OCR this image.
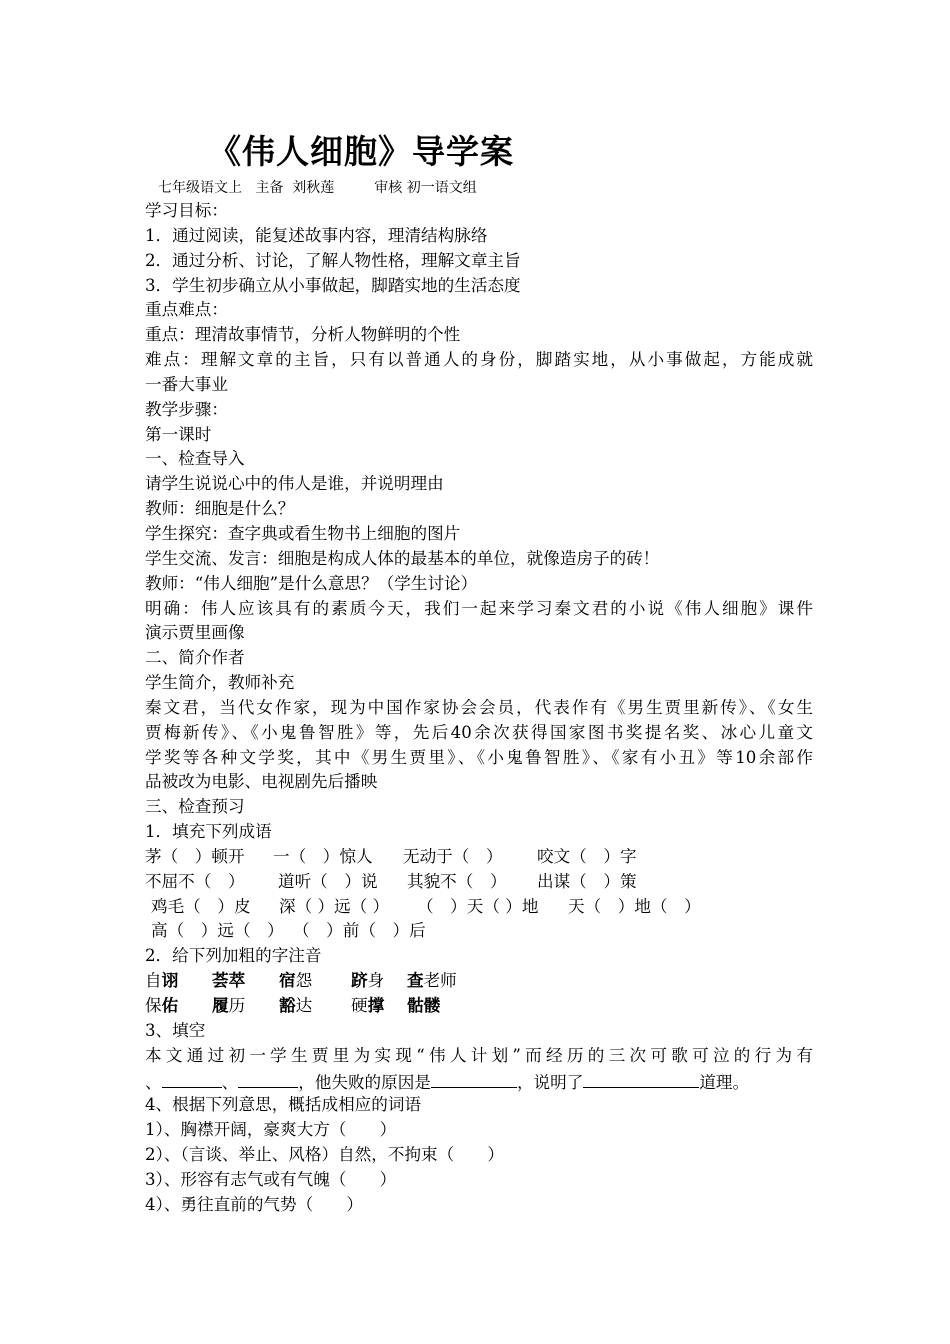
《伟人细胞》导学案
七年级语文上   主备  刘秋莲         审核 初一语文组
学习目标：
1．通过阅读，能复述故事内容，理清结构脉络
2．通过分析、讨论，了解人物性格，理解文章主旨
3．学生初步确立从小事做起，脚踏实地的生活态度
重点难点：
重点：理清故事情节，分析人物鲜明的个性
难点：理解文章的主旨，只有以普通人的身份，脚踏实地，从小事做起，方能成就
一番大事业
教学步骤：
第一课时
一、检查导入
请学生说说心中的伟人是谁，并说明理由
教师：细胞是什么？
学生探究：查字典或看生物书上细胞的图片
学生交流、发言：细胞是构成人体的最基本的单位，就像造房子的砖！
教师：“伟人细胞”是什么意思？（学生讨论）
明确：伟人应该具有的素质今天，我们一起来学习秦文君的小说《伟人细胞》课件
演示贾里画像
二、简介作者
学生简介，教师补充
秦文君，当代女作家，现为中国作家协会会员，代表作有《男生贾里新传》、《女生
贾梅新传》、《小鬼鲁智胜》等，先后40余次获得国家图书奖提名奖、冰心儿童文
学奖等各种文学奖，其中《男生贾里》、《小鬼鲁智胜》、《家有小丑》等10余部作
品被改为电影、电视剧先后播映
三、检查预习
1．填充下列成语
茅（　）顿开 一（　）惊人 无动于（　） 咬文（　）字
不屈不（　） 道听（　）说 其貌不（　） 出谋（　）策
鸡毛（　）皮 深（ ）远（ ） （　）天（ ）地 天（　）地（　）
高（　）远（　） （　）前（　）后
2．给下列加粗的字注音
自诩 荟萃 宿怨 跻身 查老师
保佑 履历 豁达 硬撑 骷髅
3、填空
本文通过初一学生贾里为实现“伟人计划”而经历的三次可歌可泣的行为有
、	、	，他失败的原因是	，说明了	道理。
4、根据下列意思，概括成相应的词语
1）、胸襟开阔，豪爽大方（　　）
2）、（言谈、举止、风格）自然，不拘束（　　）
3）、形容有志气或有气魄（　　）
4）、勇往直前的气势（　　）
